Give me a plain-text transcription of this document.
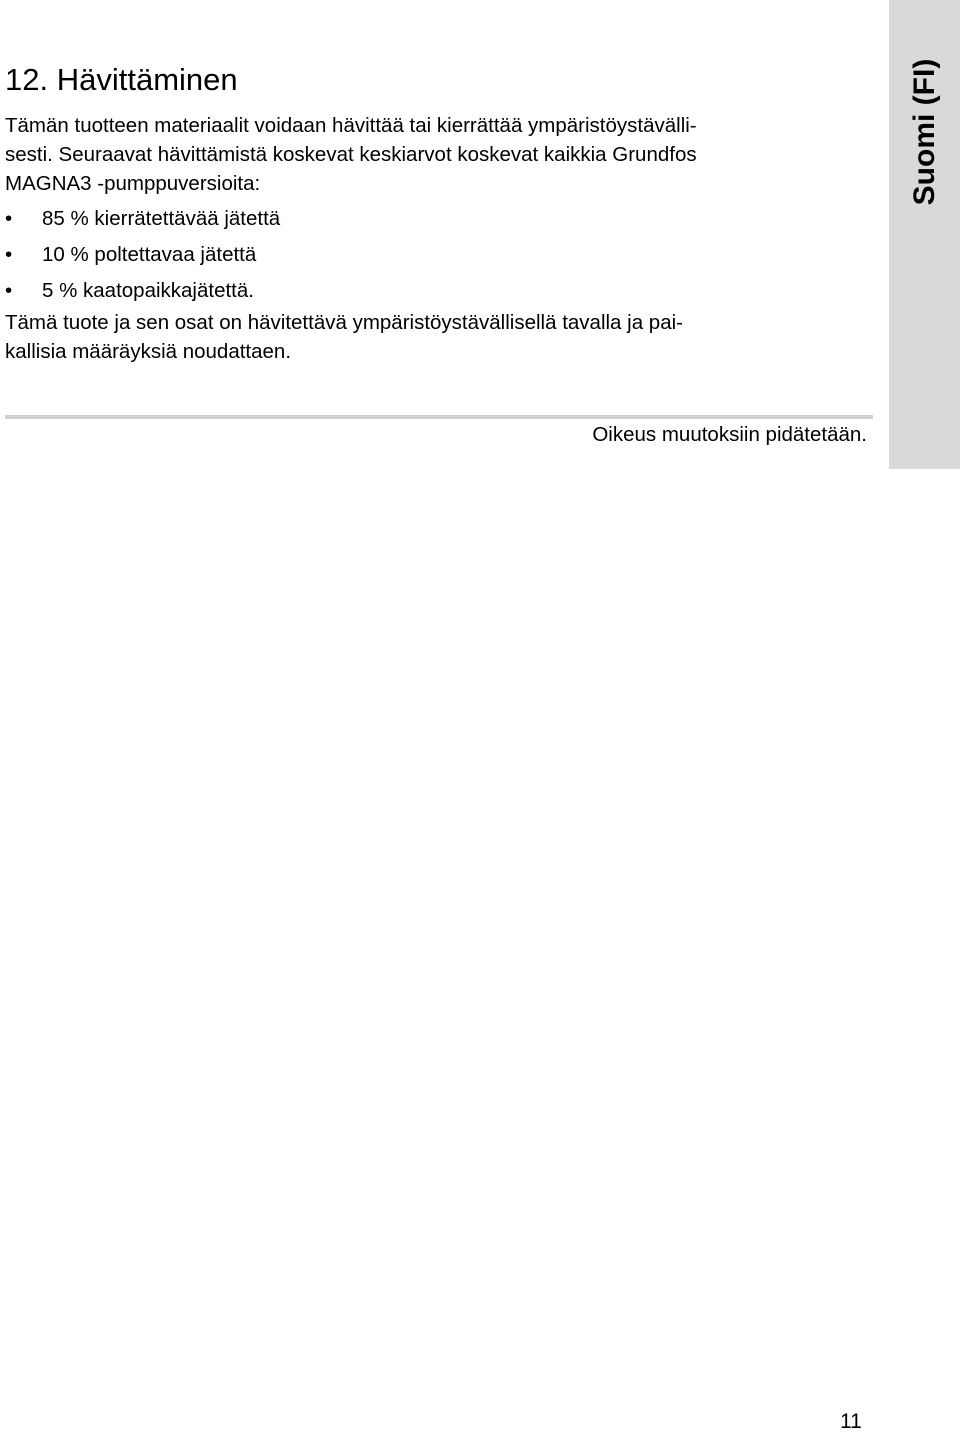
12. Hävittäminen

Tämän tuotteen materiaalit voidaan hävittää tai kierrättää ympäristöystävälli-
sesti. Seuraavat hävittämistä koskevat keskiarvot koskevat kaikkia Grundfos
MAGNA3 -pumppuversioita:

• 85 % kierrätettävää jätettä
• 10 % poltettavaa jätettä
• 5 % kaatopaikkajätettä.

Tämä tuote ja sen osat on hävitettävä ympäristöystävällisellä tavalla ja pai-
kallisia määräyksiä noudattaen.

Oikeus muutoksiin pidätetään.
Suomi (FI)
11
